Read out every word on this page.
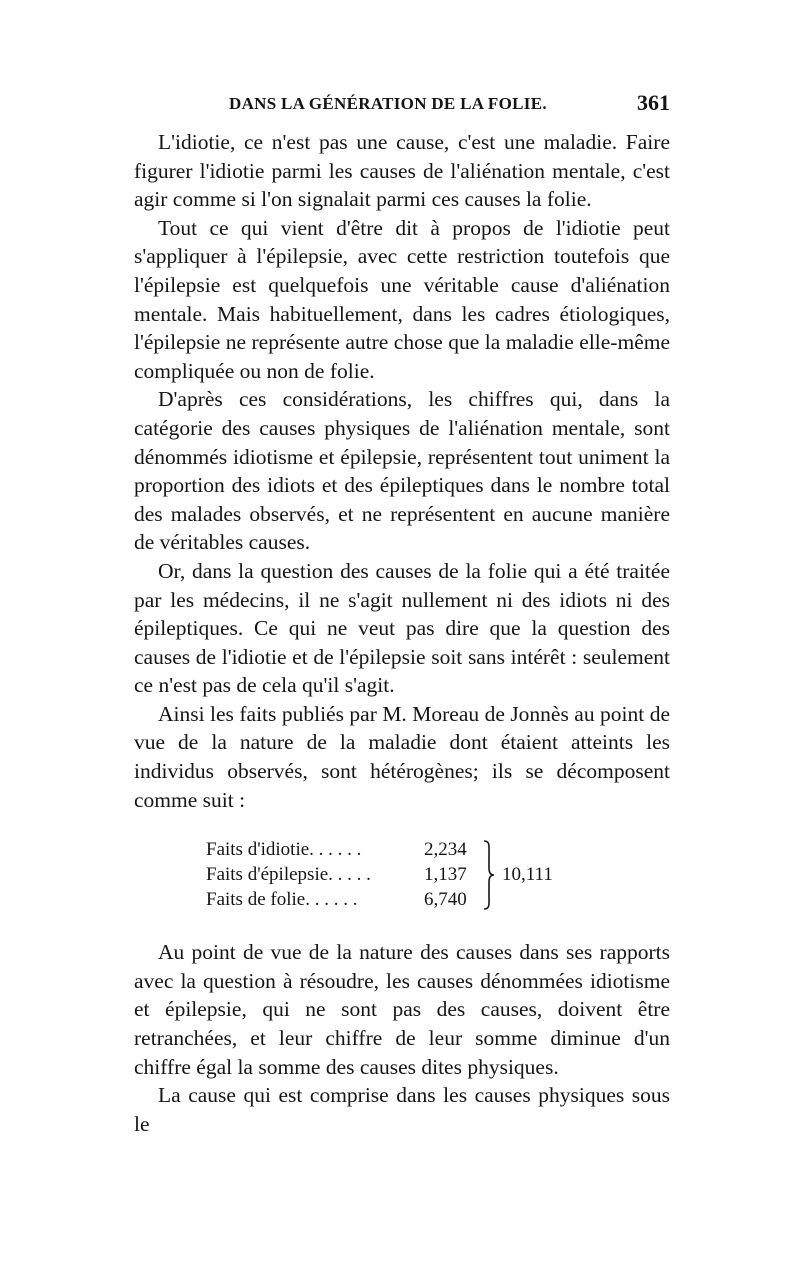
DANS LA GÉNÉRATION DE LA FOLIE.	361

L'idiotie, ce n'est pas une cause, c'est une maladie. Faire figurer l'idiotie parmi les causes de l'aliénation mentale, c'est agir comme si l'on signalait parmi ces causes la folie.

Tout ce qui vient d'être dit à propos de l'idiotie peut s'appliquer à l'épilepsie, avec cette restriction toutefois que l'épilepsie est quelquefois une véritable cause d'aliénation mentale. Mais habituellement, dans les cadres étiologiques, l'épilepsie ne représente autre chose que la maladie elle-même compliquée ou non de folie.

D'après ces considérations, les chiffres qui, dans la catégorie des causes physiques de l'aliénation mentale, sont dénommés idiotisme et épilepsie, représentent tout uniment la proportion des idiots et des épileptiques dans le nombre total des malades observés, et ne représentent en aucune manière de véritables causes.

Or, dans la question des causes de la folie qui a été traitée par les médecins, il ne s'agit nullement ni des idiots ni des épileptiques. Ce qui ne veut pas dire que la question des causes de l'idiotie et de l'épilepsie soit sans intérêt : seulement ce n'est pas de cela qu'il s'agit.

Ainsi les faits publiés par M. Moreau de Jonnès au point de vue de la nature de la maladie dont étaient atteints les individus observés, sont hétérogènes; ils se décomposent comme suit :

Faits d'idiotie. . . . . .	2,234
Faits d'épilepsie. . . . .	1,137
Faits de folie. . . . . .	6,740
10,111

Au point de vue de la nature des causes dans ses rapports avec la question à résoudre, les causes dénommées idiotisme et épilepsie, qui ne sont pas des causes, doivent être retranchées, et leur chiffre de leur somme diminue d'un chiffre égal la somme des causes dites physiques.

La cause qui est comprise dans les causes physiques sous le
